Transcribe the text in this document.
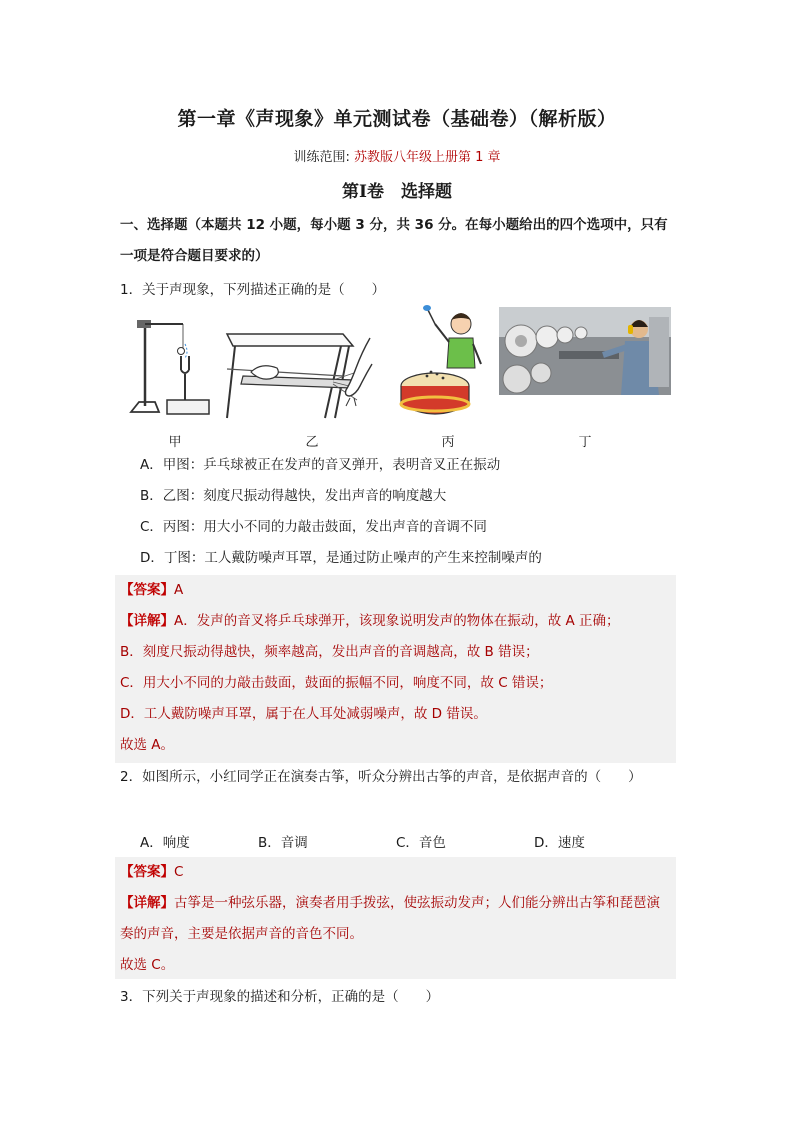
第一章《声现象》单元测试卷（基础卷）（解析版）
训练范围: 苏教版八年级上册第 1 章
第Ⅰ卷　选择题
一、选择题（本题共 12 小题，每小题 3 分，共 36 分。在每小题给出的四个选项中，只有
一项是符合题目要求的）
1．关于声现象，下列描述正确的是（　　）
甲	乙	丙	丁
A．甲图：乒乓球被正在发声的音叉弹开，表明音叉正在振动
B．乙图：刻度尺振动得越快，发出声音的响度越大
C．丙图：用大小不同的力敲击鼓面，发出声音的音调不同
D．丁图：工人戴防噪声耳罩，是通过防止噪声的产生来控制噪声的
【答案】A
【详解】A．发声的音叉将乒乓球弹开，该现象说明发声的物体在振动，故 A 正确；
B．刻度尺振动得越快，频率越高，发出声音的音调越高，故 B 错误；
C．用大小不同的力敲击鼓面，鼓面的振幅不同，响度不同，故 C 错误；
D．工人戴防噪声耳罩，属于在人耳处减弱噪声，故 D 错误。
故选 A。
2．如图所示，小红同学正在演奏古筝，听众分辨出古筝的声音，是依据声音的（　　）
A．响度	B．音调	C．音色	D．速度
【答案】C
【详解】古筝是一种弦乐器，演奏者用手拨弦，使弦振动发声；人们能分辨出古筝和琵琶演
奏的声音，主要是依据声音的音色不同。
故选 C。
3．下列关于声现象的描述和分析，正确的是（　　）
